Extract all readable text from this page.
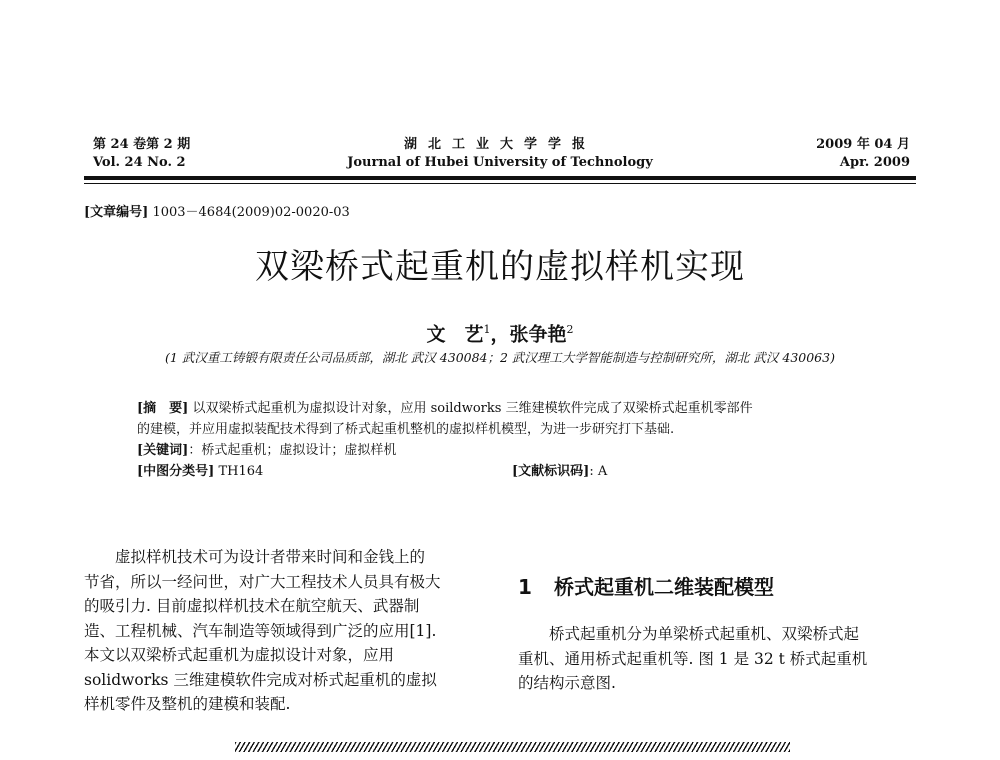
第 24 卷第 2 期
Vol. 24 No. 2
湖北工业大学学报
Journal of Hubei University of Technology
2009 年 04 月
Apr. 2009
[文章编号] 1003－4684(2009)02-0020-03
双梁桥式起重机的虚拟样机实现
文　艺$^1$，张争艳$^2$
(1 武汉重工铸锻有限责任公司品质部，湖北 武汉 430084；2 武汉理工大学智能制造与控制研究所，湖北 武汉 430063)
[摘　要] 以双梁桥式起重机为虚拟设计对象，应用 soildworks 三维建模软件完成了双梁桥式起重机零部件
的建模，并应用虚拟装配技术得到了桥式起重机整机的虚拟样机模型，为进一步研究打下基础.
[关键词]：桥式起重机；虚拟设计；虚拟样机
[中图分类号] TH164	[文献标识码]: A

虚拟样机技术可为设计者带来时间和金钱上的

节省，所以一经问世，对广大工程技术人员具有极大

的吸引力. 目前虚拟样机技术在航空航天、武器制

造、工程机械、汽车制造等领域得到广泛的应用[1].

本文以双梁桥式起重机为虚拟设计对象，应用

solidworks 三维建模软件完成对桥式起重机的虚拟

样机零件及整机的建模和装配.

1 桥式起重机二维装配模型

桥式起重机分为单梁桥式起重机、双梁桥式起

重机、通用桥式起重机等. 图 1 是 32 t 桥式起重机

的结构示意图.
